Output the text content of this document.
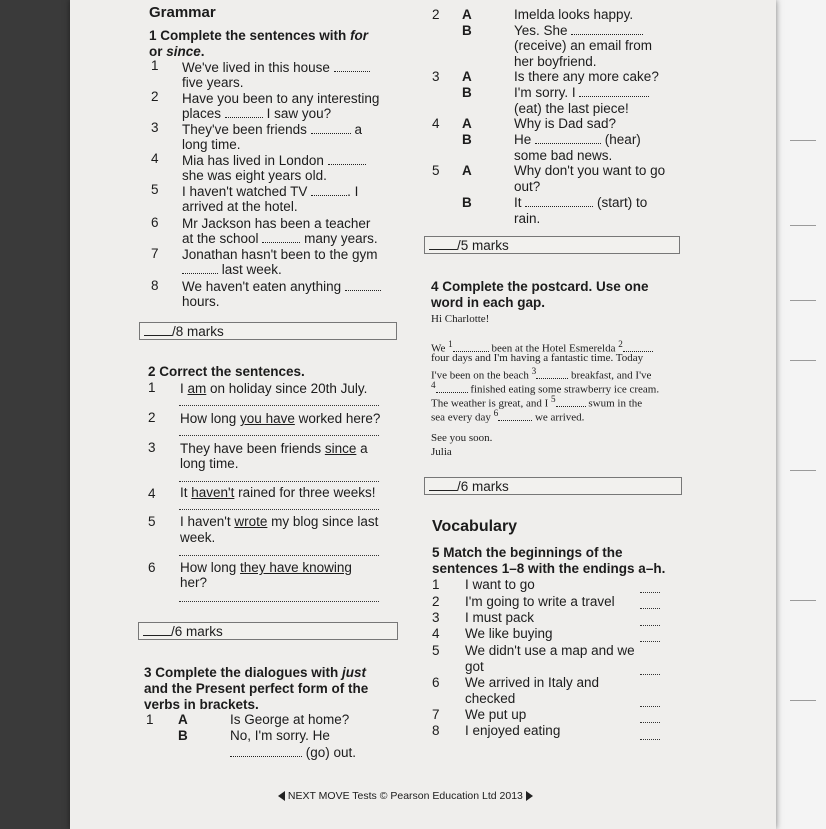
Grammar
1 Complete the sentences with for
or since.
1 We've lived in this house
five years.
2 Have you been to any interesting
places	I saw you?
3 They've been friends	a
long time.
4 Mia has lived in London
she was eight years old.
5 I haven't watched TV	. I
arrived at the hotel.
6 Mr Jackson has been a teacher
at the school	many years.
7 Jonathan hasn't been to the gym
last week.
8 We haven't eaten anything
hours.
/8 marks
2 Correct the sentences.
1 I am on holiday since 20th July.
2 How long you have worked here?
3 They have been friends since a
long time.
4 It haven't rained for three weeks!
5 I haven't wrote my blog since last
week.
6 How long they have knowing
her?
/6 marks
3 Complete the dialogues with just
and the Present perfect form of the
verbs in brackets.
1 A	Is George at home?
B	No, I'm sorry. He
(go) out.
2 A	Imelda looks happy.
B	Yes. She
(receive) an email from
her boyfriend.
3 A	Is there any more cake?
B	I'm sorry. I
(eat) the last piece!
4 A	Why is Dad sad?
B	He	(hear)
some bad news.
5 A	Why don't you want to go
out?
B	It	(start) to
rain.
/5 marks
4 Complete the postcard. Use one
word in each gap.
Hi Charlotte!
We $^1$	been at the Hotel Esmerelda $^2$
four days and I'm having a fantastic time. Today
I've been on the beach $^3$	breakfast, and I've
$^4$	finished eating some strawberry ice cream.
The weather is great, and I $^5$	swum in the
sea every day $^6$	we arrived.
See you soon.
Julia
/6 marks
Vocabulary
5 Match the beginnings of the
sentences 1–8 with the endings a–h.
1 I want to go
2 I'm going to write a travel
3 I must pack
4 We like buying
5 We didn't use a map and we
got
6 We arrived in Italy and
checked
7 We put up
8 I enjoyed eating
NEXT MOVE Tests © Pearson Education Ltd 2013
